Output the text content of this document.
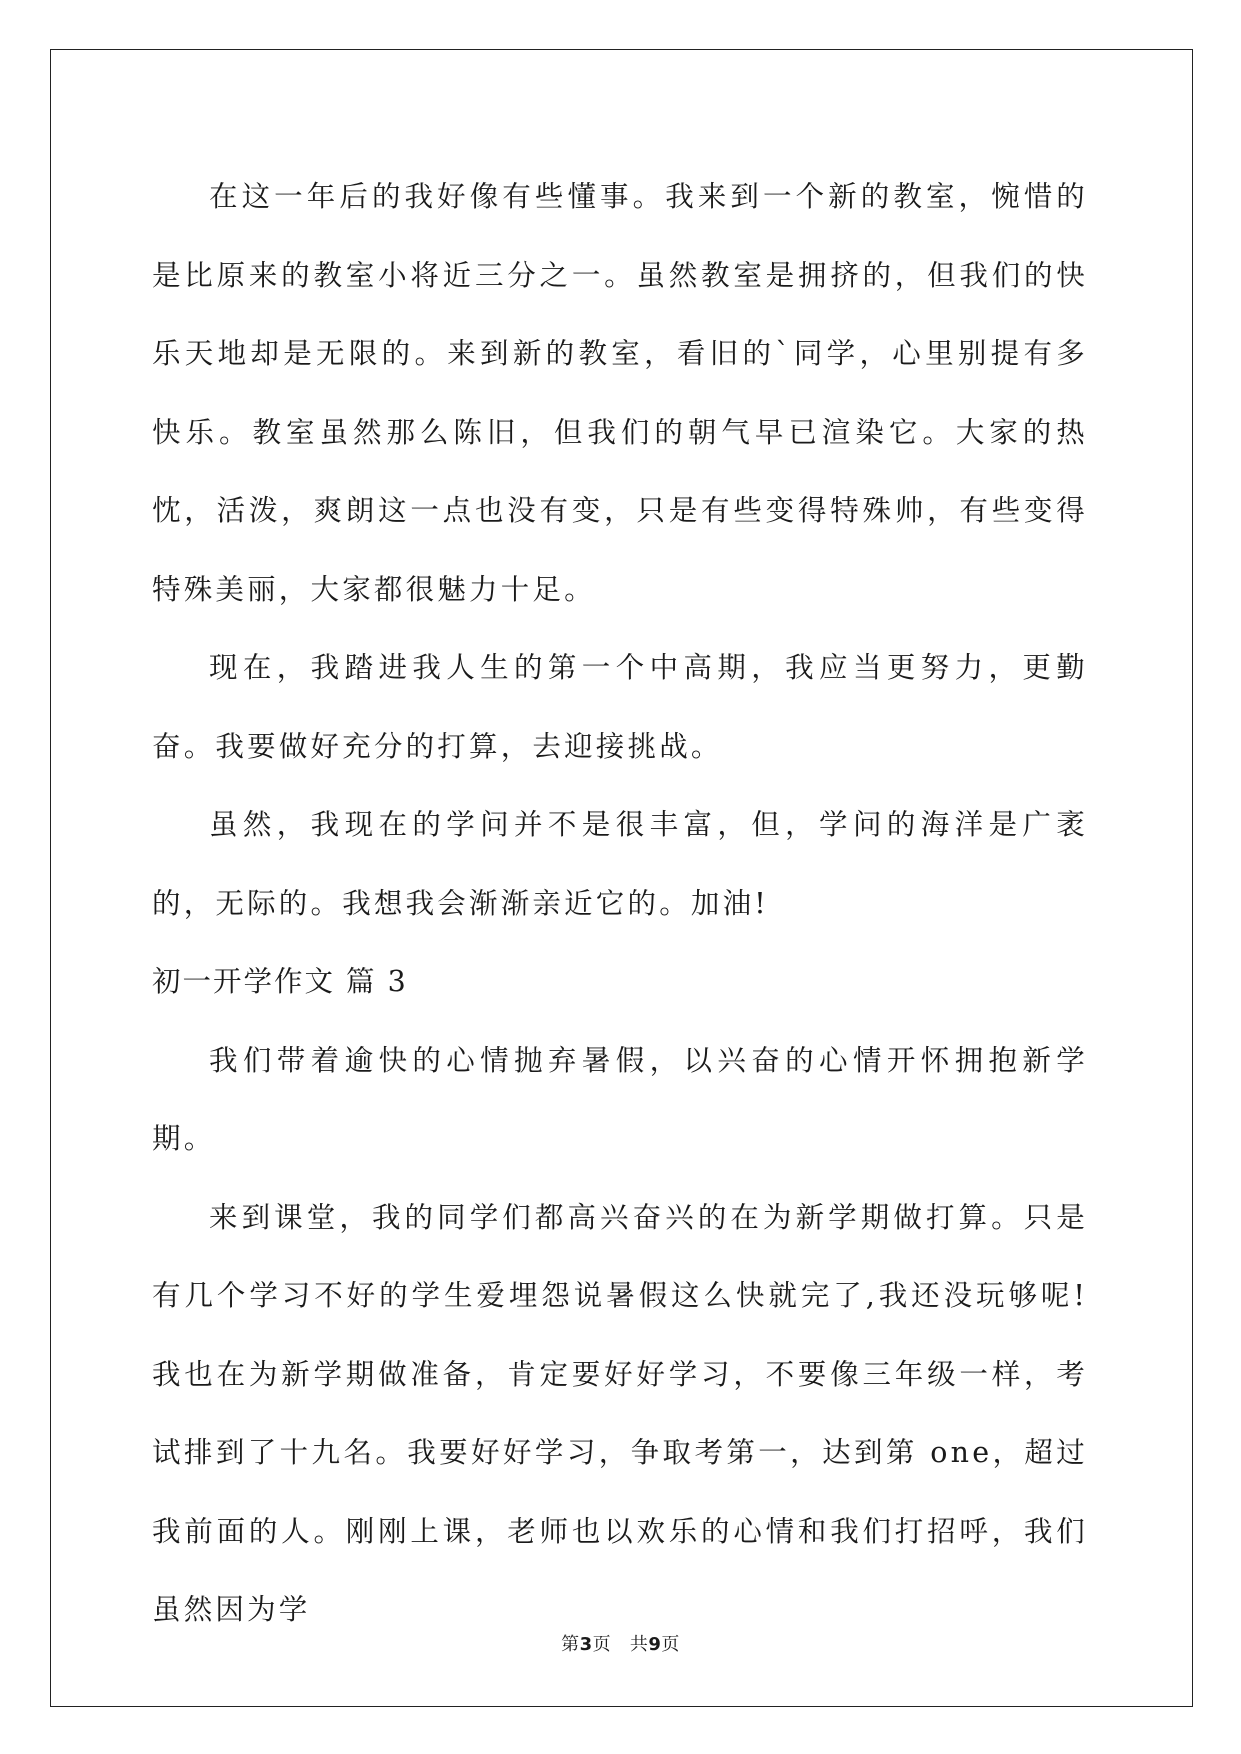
在这一年后的我好像有些懂事。我来到一个新的教室，惋惜的是比原来的教室小将近三分之一。虽然教室是拥挤的，但我们的快乐天地却是无限的。来到新的教室，看旧的`同学，心里别提有多快乐。教室虽然那么陈旧，但我们的朝气早已渲染它。大家的热忱，活泼，爽朗这一点也没有变，只是有些变得特殊帅，有些变得特殊美丽，大家都很魅力十足。

现在，我踏进我人生的第一个中高期，我应当更努力，更勤奋。我要做好充分的打算，去迎接挑战。

虽然，我现在的学问并不是很丰富，但，学问的海洋是广袤的，无际的。我想我会渐渐亲近它的。加油!

初一开学作文 篇 3

我们带着逾快的心情抛弃暑假，以兴奋的心情开怀拥抱新学期。

来到课堂，我的同学们都高兴奋兴的在为新学期做打算。只是有几个学习不好的学生爱埋怨说暑假这么快就完了,我还没玩够呢!我也在为新学期做准备，肯定要好好学习，不要像三年级一样，考试排到了十九名。我要好好学习，争取考第一，达到第 one，超过我前面的人。刚刚上课，老师也以欢乐的心情和我们打招呼，我们虽然因为学

第3页   共9页
